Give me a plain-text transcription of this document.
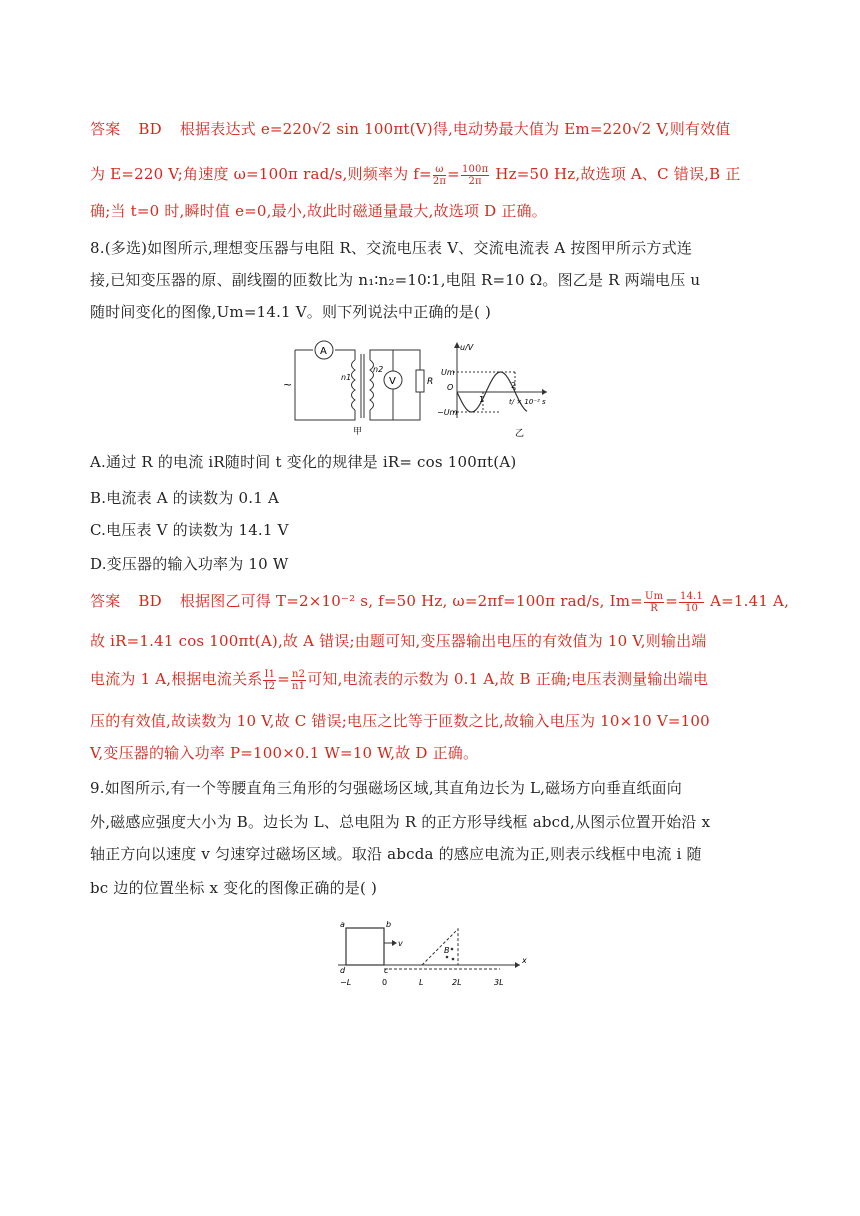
答案 BD 根据表达式 e=220√2 sin 100πt(V)得,电动势最大值为 Em=220√2 V,则有效值
为 E=220 V;角速度 ω=100π rad/s,则频率为 $f= \frac{\omega}{2\pi} = \frac{100\pi}{2\pi} Hz=50$ Hz,故选项 A、C 错误,B 正
确;当 t=0 时,瞬时值 e=0,最小,故此时磁通量最大,故选项 D 正确。
8.(多选)如图所示,理想变压器与电阻 R、交流电压表 V、交流电流表 A 按图甲所示方式连
接,已知变压器的原、副线圈的匝数比为 n₁∶n₂=10∶1,电阻 R=10 Ω。图乙是 R 两端电压 u
随时间变化的图像,Um=14.1 V。则下列说法中正确的是( )
~
A
V
n1
n2
R
甲	乙
u/V
t/ × 10⁻² s
Um
−Um
O
1
2
A.通过 R 的电流 iR随时间 t 变化的规律是 iR= cos 100πt(A)
B.电流表 A 的读数为 0.1 A
C.电压表 V 的读数为 14.1 V
D.变压器的输入功率为 10 W
答案 BD 根据图乙可得 T=2×10⁻² s, f=50 Hz, ω=2πf=100π rad/s, $Im= \frac{Um}{R} = \frac{14.1}{10} A=1.41$ A,
故 iR=1.41 cos 100πt(A),故 A 错误;由题可知,变压器输出电压的有效值为 10 V,则输出端
电流为 1 A,根据电流关系 $\frac{I1}{I2} = \frac{n2}{n1}$ 可知,电流表的示数为 0.1 A,故 B 正确;电压表测量输出端电
压的有效值,故读数为 10 V,故 C 错误;电压之比等于匝数之比,故输入电压为 10×10 V=100
V,变压器的输入功率 P=100×0.1 W=10 W,故 D 正确。
9.如图所示,有一个等腰直角三角形的匀强磁场区域,其直角边长为 L,磁场方向垂直纸面向
外,磁感应强度大小为 B。边长为 L、总电阻为 R 的正方形导线框 abcd,从图示位置开始沿 x
轴正方向以速度 v 匀速穿过磁场区域。取沿 abcda 的感应电流为正,则表示线框中电流 i 随
bc 边的位置坐标 x 变化的图像正确的是( )
a	b
c
d
v
B
x
−L	0	L	2L	3L
